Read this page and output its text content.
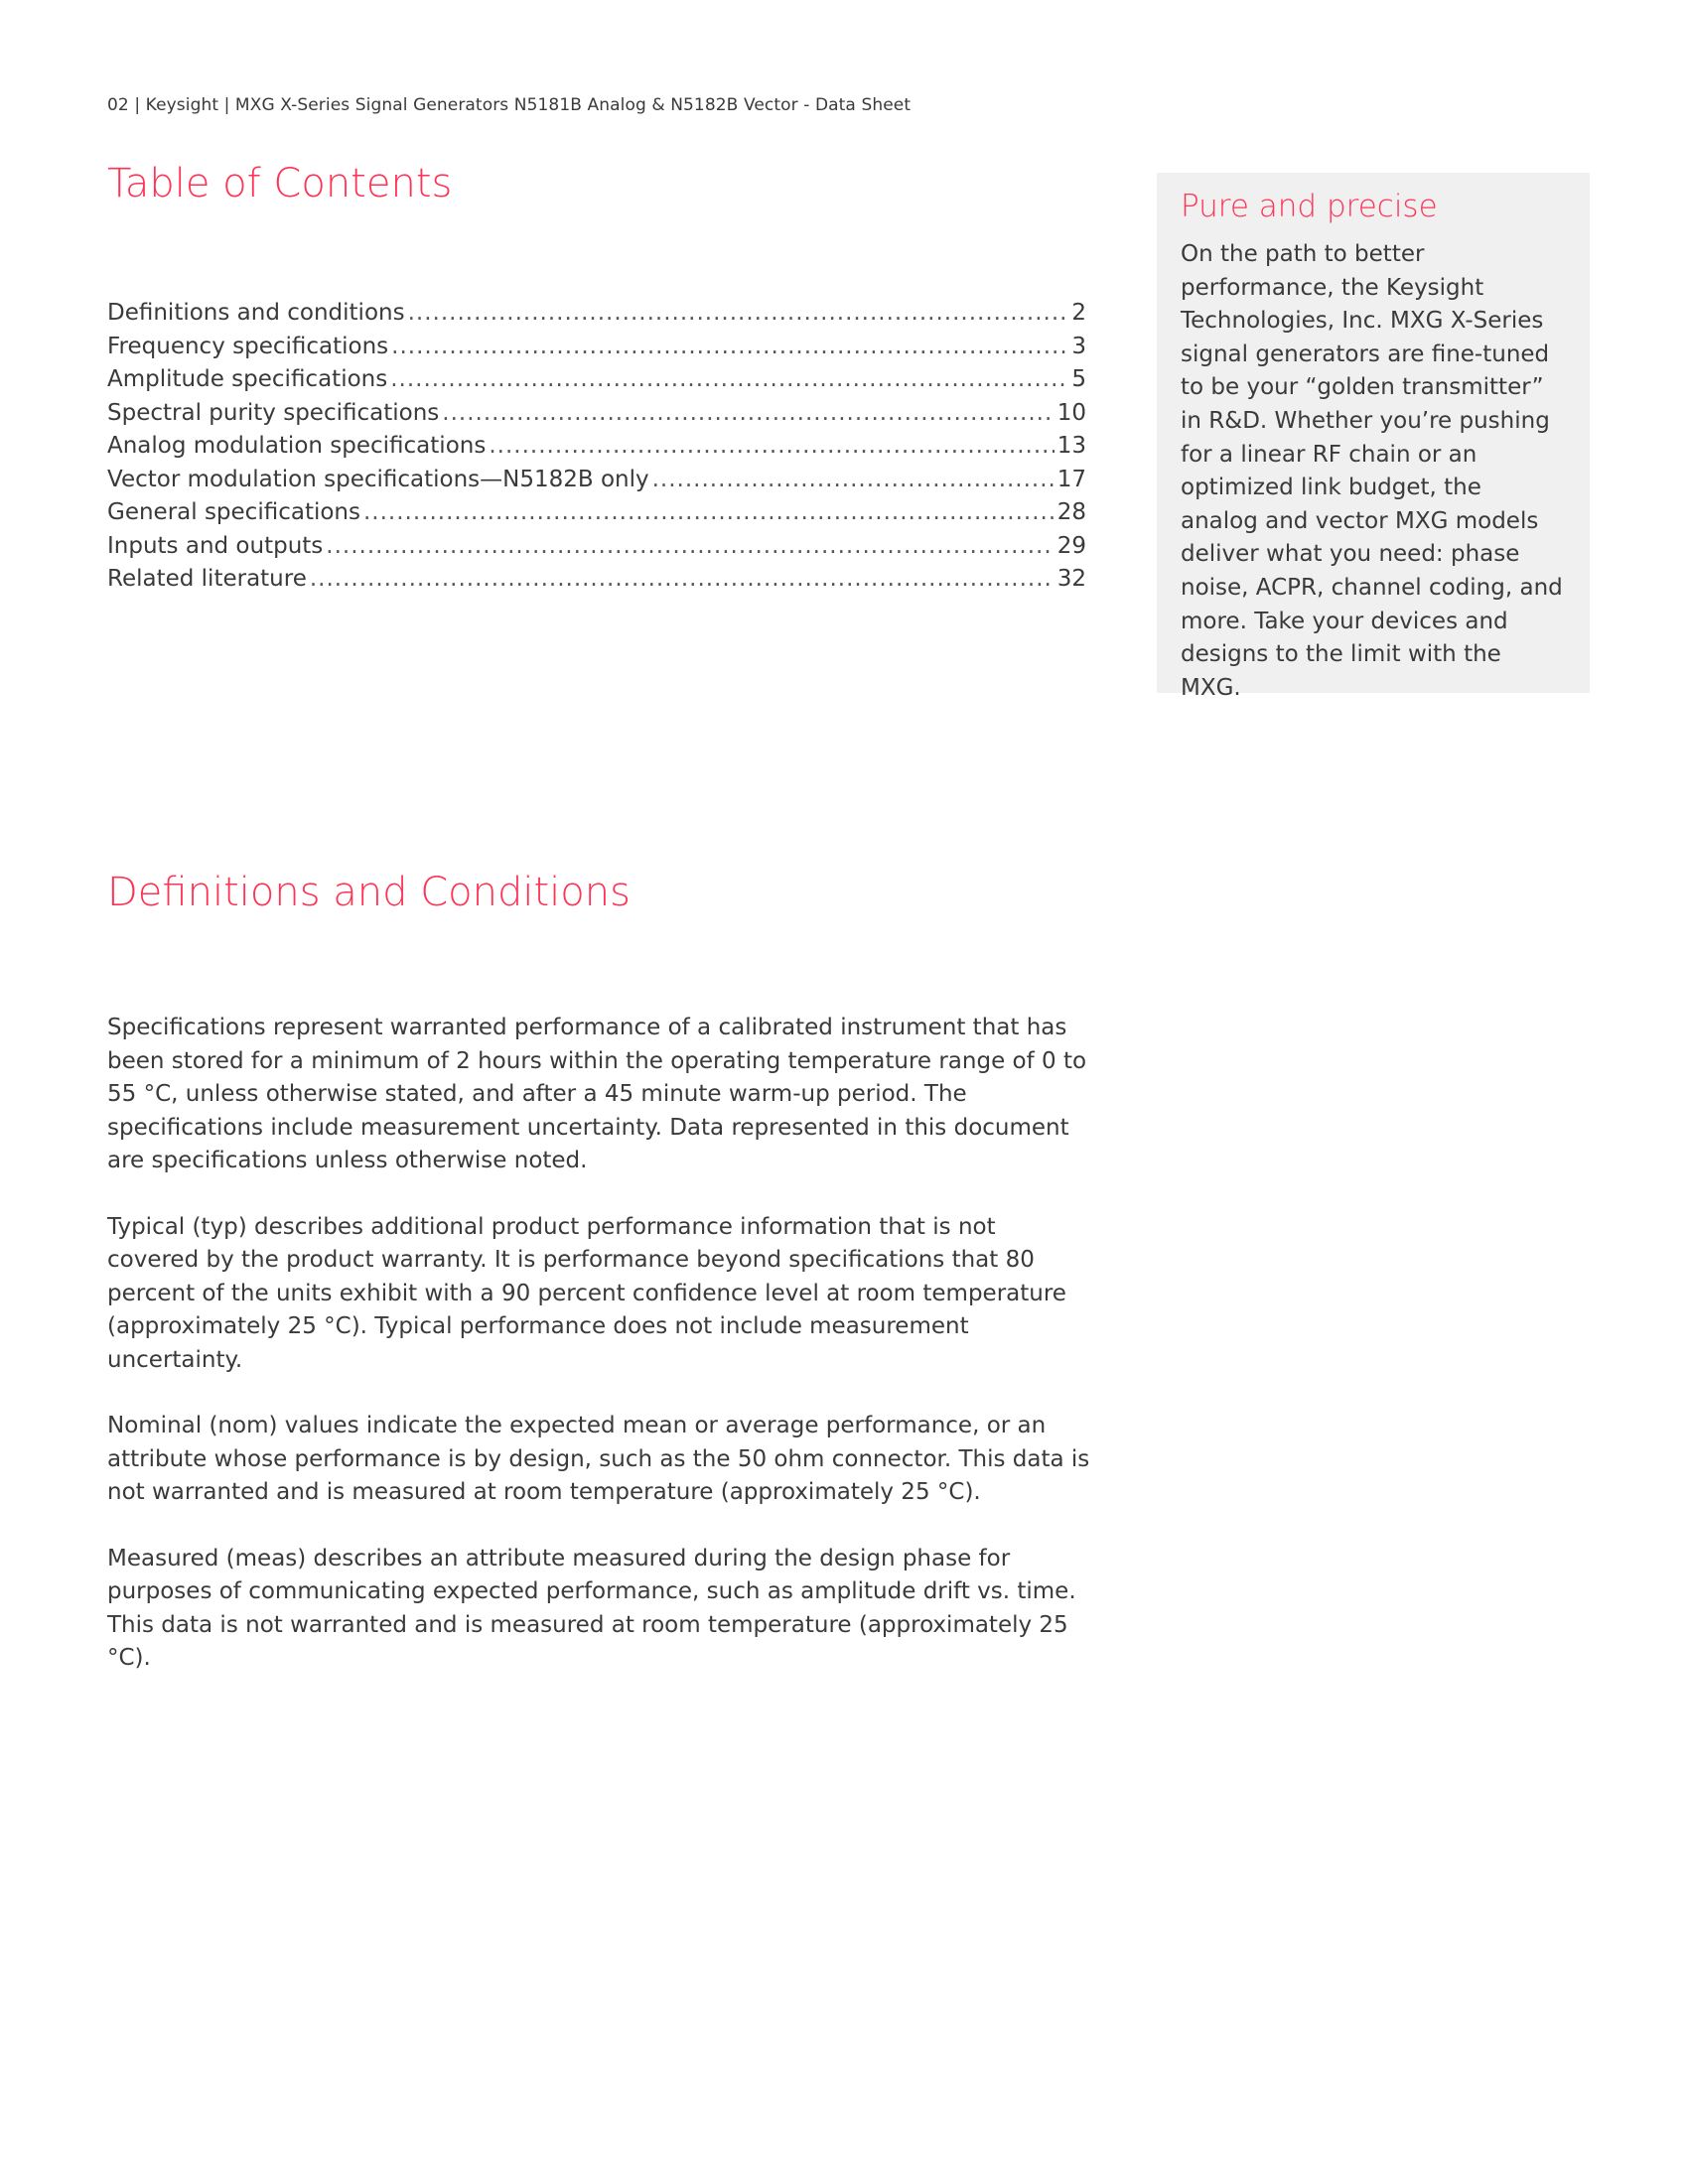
02 | Keysight | MXG X-Series Signal Generators N5181B Analog & N5182B Vector - Data Sheet
Table of Contents
Definitions and conditions .....	2
Frequency specifications .....	3
Amplitude specifications .....	5
Spectral purity specifications .....	10
Analog modulation specifications .....	13
Vector modulation specifications—N5182B only .....	17
General specifications .....	28
Inputs and outputs .....	29
Related literature .....	32
Pure and precise

On the path to better performance, the Keysight Technologies, Inc. MXG X-Series signal generators are fine-tuned to be your “golden transmitter” in R&D. Whether you’re pushing for a linear RF chain or an optimized link budget, the analog and vector MXG models deliver what you need: phase noise, ACPR, channel coding, and more. Take your devices and designs to the limit with the MXG.

Definitions and Conditions

Specifications represent warranted performance of a calibrated instrument that has been stored for a minimum of 2 hours within the operating temperature range of 0 to 55 °C, unless otherwise stated, and after a 45 minute warm-up period. The specifications include measurement uncertainty. Data represented in this document are specifications unless otherwise noted.

Typical (typ) describes additional product performance information that is not covered by the product warranty. It is performance beyond specifications that 80 percent of the units exhibit with a 90 percent confidence level at room temperature (approximately 25 °C). Typical performance does not include measurement uncertainty.

Nominal (nom) values indicate the expected mean or average performance, or an attribute whose performance is by design, such as the 50 ohm connector. This data is not warranted and is measured at room temperature (approximately 25 °C).

Measured (meas) describes an attribute measured during the design phase for purposes of communicating expected performance, such as amplitude drift vs. time. This data is not warranted and is measured at room temperature (approximately 25 °C).
